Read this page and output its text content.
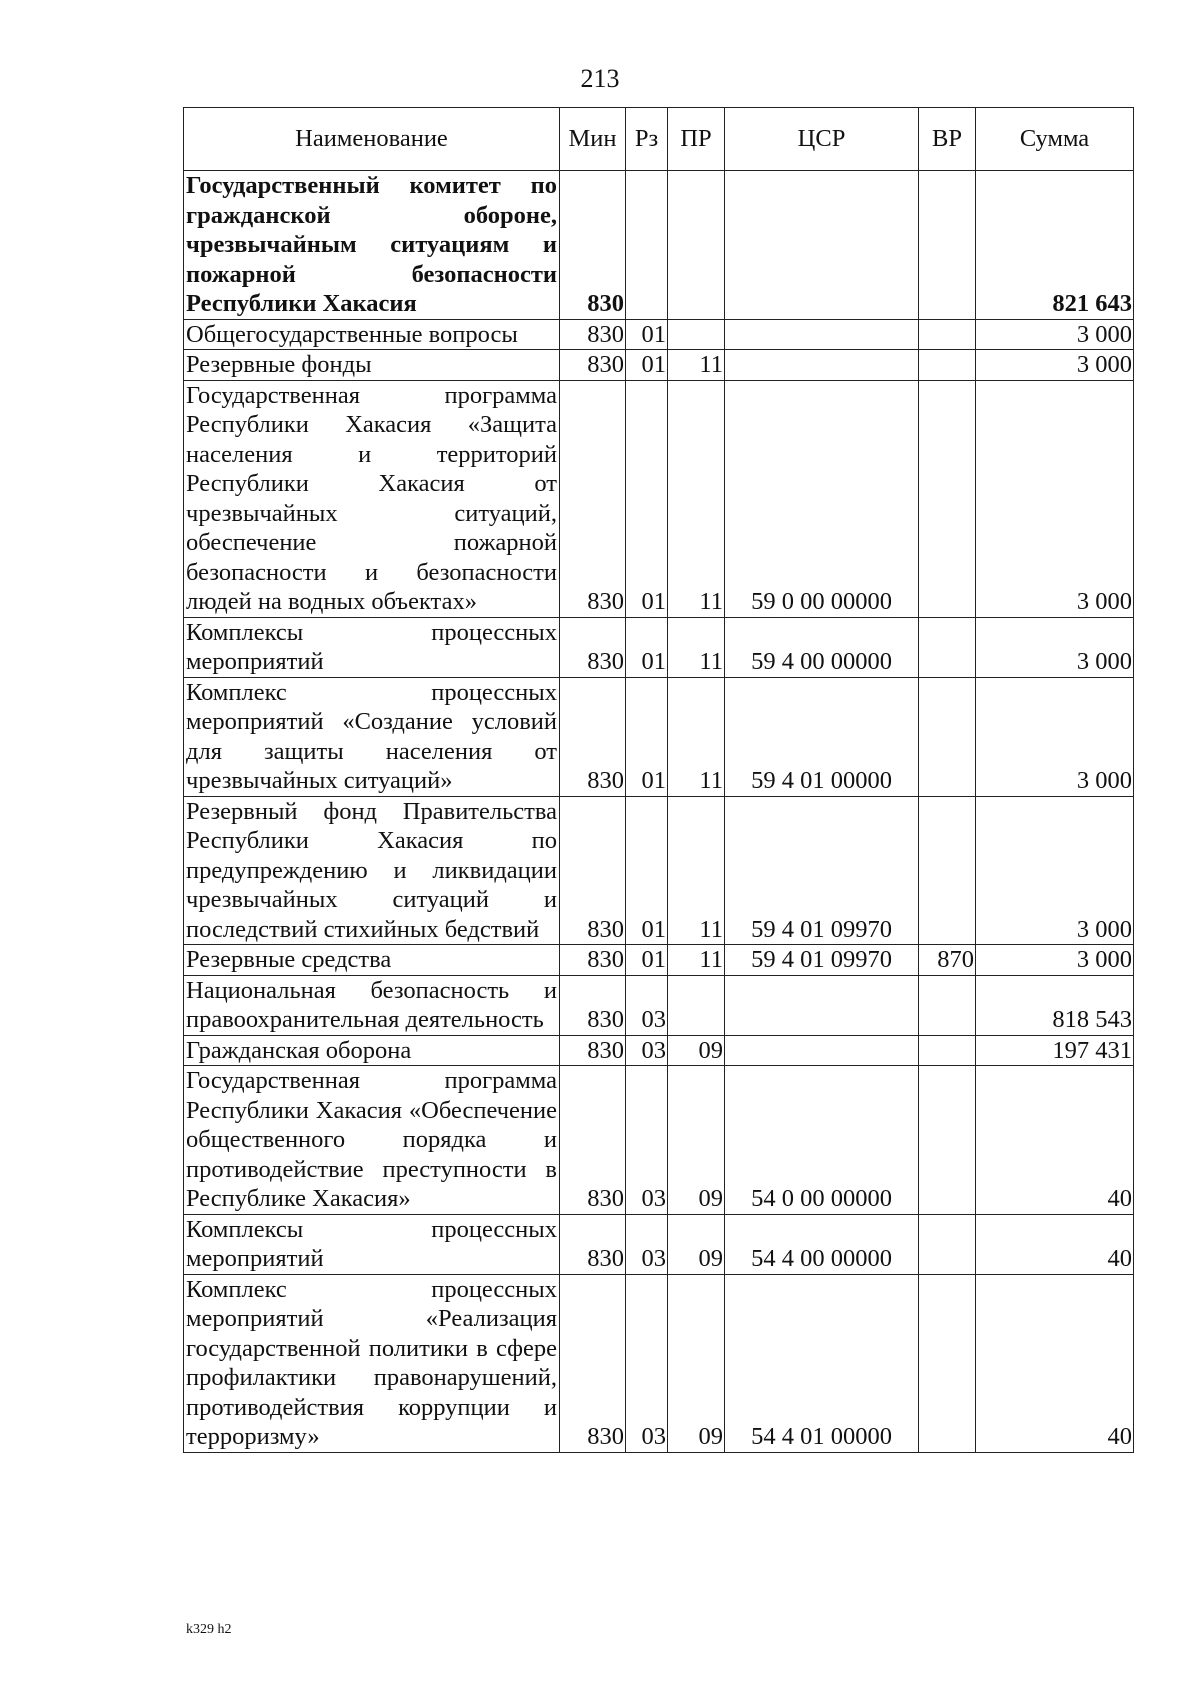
213
Наименование	Мин	Рз	ПР	ЦСР	ВР	Сумма
Государственный комитет по гражданской обороне, чрезвычайным ситуациям и пожарной безопасности Республики Хакасия	830					821 643
Общегосударственные вопросы	830	01				3 000
Резервные фонды	830	01	11			3 000
Государственная программа Республики Хакасия «Защита населения и территорий Республики Хакасия от чрезвычайных ситуаций, обеспечение пожарной безопасности и безопасности людей на водных объектах»	830	01	11	59 0 00 00000		3 000
Комплексы процессных мероприятий	830	01	11	59 4 00 00000		3 000
Комплекс процессных мероприятий «Создание условий для защиты населения от чрезвычайных ситуаций»	830	01	11	59 4 01 00000		3 000
Резервный фонд Правительства Республики Хакасия по предупреждению и ликвидации чрезвычайных ситуаций и последствий стихийных бедствий	830	01	11	59 4 01 09970		3 000
Резервные средства	830	01	11	59 4 01 09970	870	3 000
Национальная безопасность и правоохранительная деятельность	830	03				818 543
Гражданская оборона	830	03	09			197 431
Государственная программа Республики Хакасия «Обеспечение общественного порядка и противодействие преступности в Республике Хакасия»	830	03	09	54 0 00 00000		40
Комплексы процессных мероприятий	830	03	09	54 4 00 00000		40
Комплекс процессных мероприятий «Реализация государственной политики в сфере профилактики правонарушений, противодействия коррупции и терроризму»	830	03	09	54 4 01 00000		40
k329 h2
